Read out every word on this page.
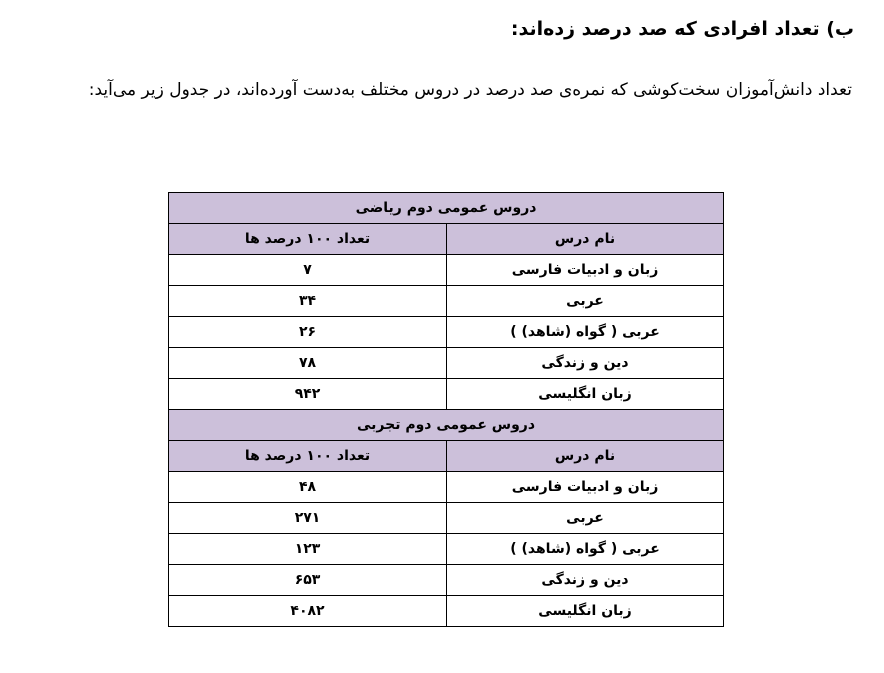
ب) تعداد افرادی که صد درصد زده‌اند:
تعداد دانش‌آموزان سخت‌کوشی که نمره‌ی صد درصد در دروس مختلف به‌دست آورده‌اند، در جدول زیر می‌آید:
دروس عمومی دوم ریاضی	
نام درس	تعداد ۱۰۰ درصد ها
زبان و ادبیات فارسی	۷
عربی	۳۴
عربی ( گواه (شاهد) )	۲۶
دین و زندگی	۷۸
زبان انگلیسی	۹۴۲
دروس عمومی دوم تجربی	
نام درس	تعداد ۱۰۰ درصد ها
زبان و ادبیات فارسی	۴۸
عربی	۲۷۱
عربی ( گواه (شاهد) )	۱۲۳
دین و زندگی	۶۵۳
زبان انگلیسی	۴۰۸۲
